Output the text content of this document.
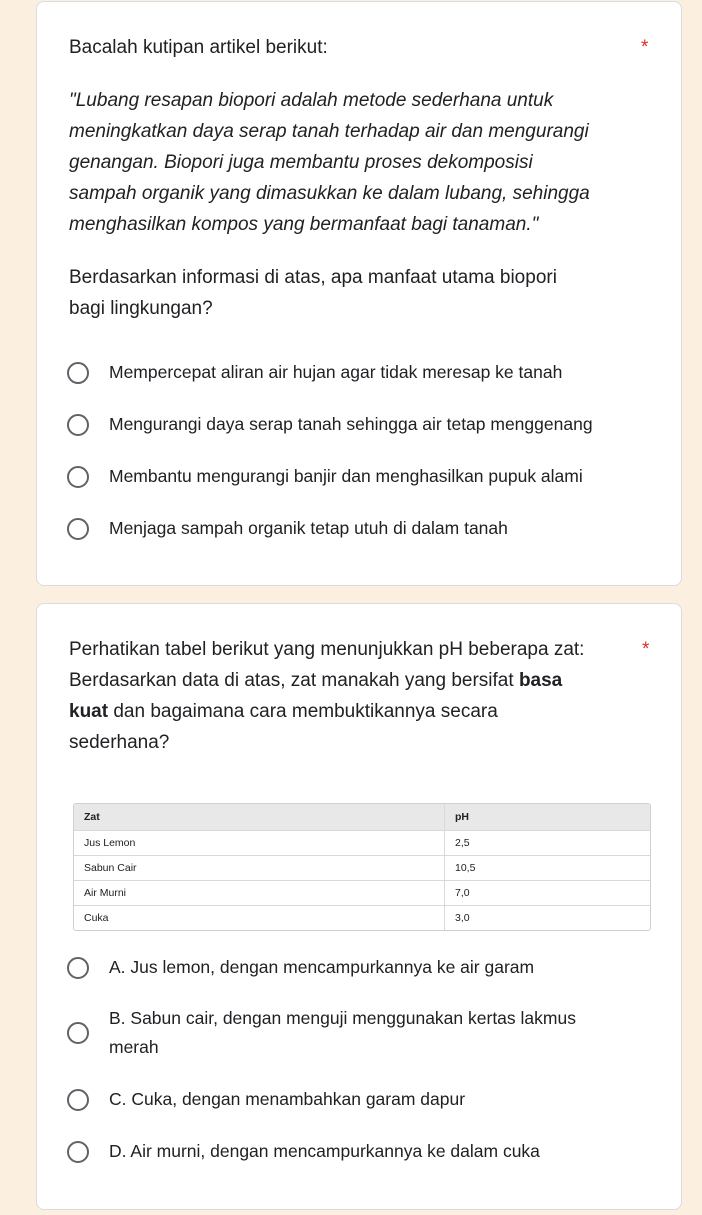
Bacalah kutipan artikel berikut:	*
"Lubang resapan biopori adalah metode sederhana untuk
meningkatkan daya serap tanah terhadap air dan mengurangi
genangan. Biopori juga membantu proses dekomposisi
sampah organik yang dimasukkan ke dalam lubang, sehingga
menghasilkan kompos yang bermanfaat bagi tanaman."
Berdasarkan informasi di atas, apa manfaat utama biopori
bagi lingkungan?
Mempercepat aliran air hujan agar tidak meresap ke tanah
Mengurangi daya serap tanah sehingga air tetap menggenang
Membantu mengurangi banjir dan menghasilkan pupuk alami
Menjaga sampah organik tetap utuh di dalam tanah
Perhatikan tabel berikut yang menunjukkan pH beberapa zat:	*
Berdasarkan data di atas, zat manakah yang bersifat basa
kuat dan bagaimana cara membuktikannya secara
sederhana?
Zat	pH
Jus Lemon	2,5
Sabun Cair	10,5
Air Murni	7,0
Cuka	3,0
A. Jus lemon, dengan mencampurkannya ke air garam
B. Sabun cair, dengan menguji menggunakan kertas lakmus
merah
C. Cuka, dengan menambahkan garam dapur
D. Air murni, dengan mencampurkannya ke dalam cuka
